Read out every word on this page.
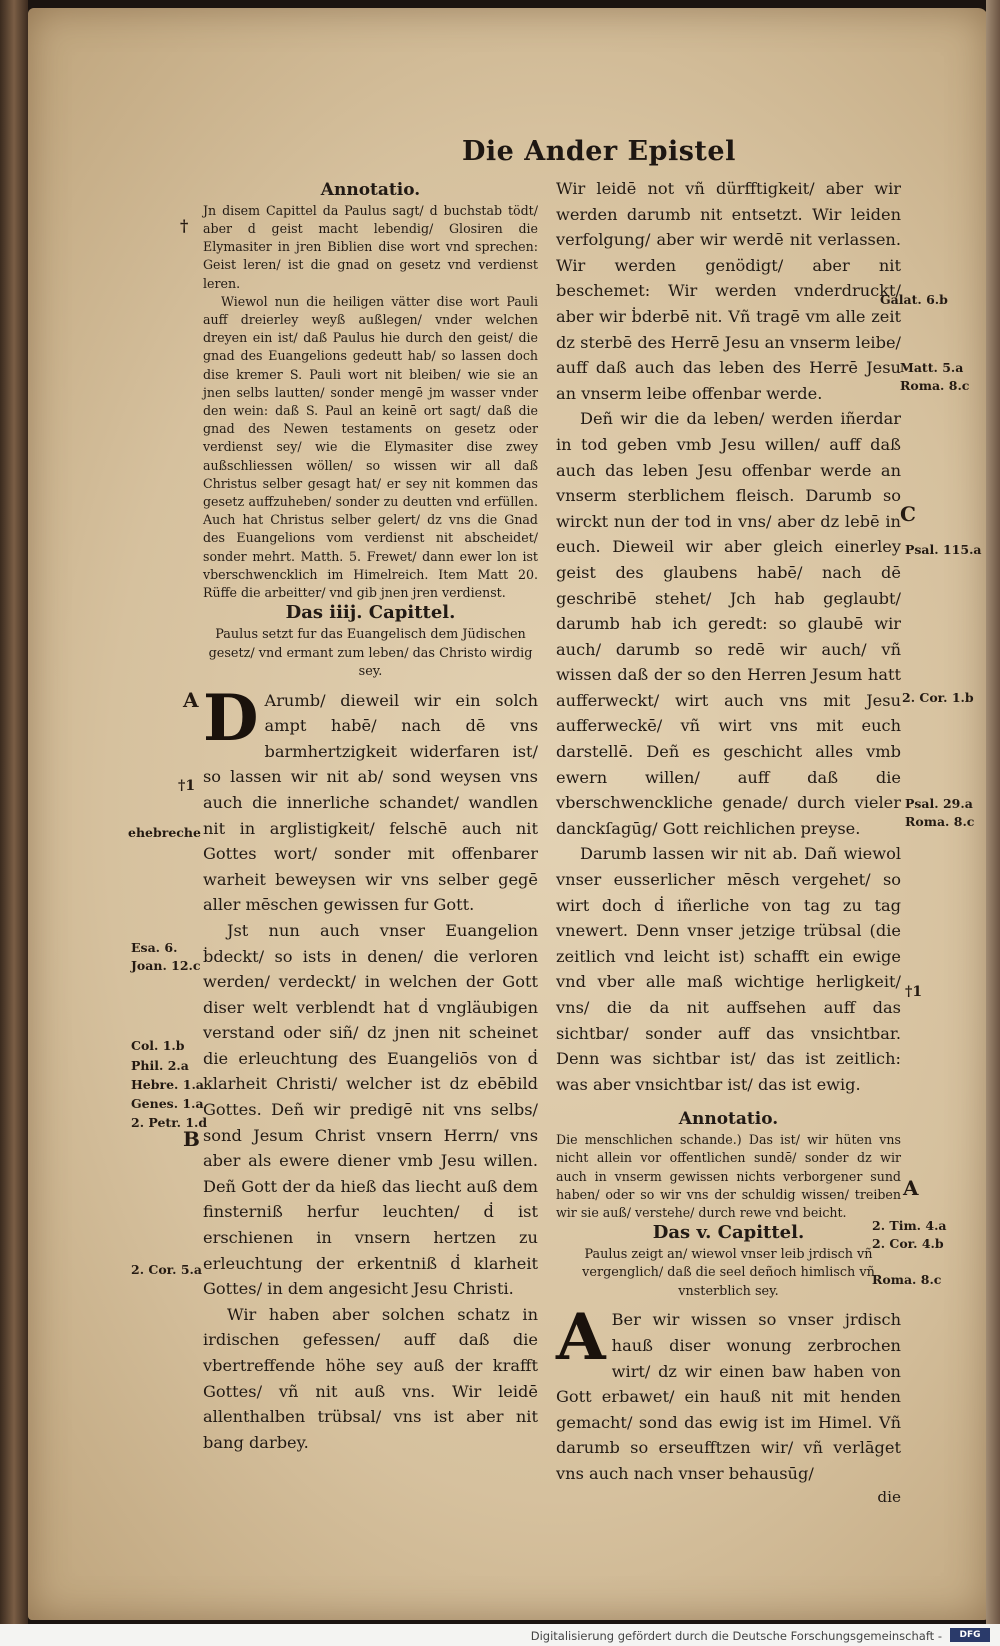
Die Ander Epistel

Annotatio.

Jn disem Capittel da Paulus sagt/ d buchstab tödt/ aber d geist macht lebendig/ Glosiren die Elymasiter in jren Biblien dise wort vnd sprechen: Geist leren/ ist die gnad on gesetz vnd verdienst leren.

Wiewol nun die heiligen vätter dise wort Pauli auff dreierley weyß außlegen/ vnder welchen dreyen ein ist/ daß Paulus hie durch den geist/ die gnad des Euangelions gedeutt hab/ so lassen doch dise kremer S. Pauli wort nit bleiben/ wie sie an jnen selbs lautten/ sonder mengē jm wasser vnder den wein: daß S. Paul an keinē ort sagt/ daß die gnad des Newen testaments on gesetz oder verdienst sey/ wie die Elymasiter dise zwey außschliessen wöllen/ so wissen wir all daß Christus selber gesagt hat/ er sey nit kommen das gesetz auffzuheben/ sonder zu deutten vnd erfüllen. Auch hat Christus selber gelert/ dz vns die Gnad des Euangelions vom verdienst nit abscheidet/ sonder mehrt. Matth. 5. Frewet/ dann ewer lon ist vberschwencklich im Himelreich. Item Matt 20. Rüffe die arbeitter/ vnd gib jnen jren verdienst.

Das iiij. Capittel.

Paulus setzt fur das Euangelisch dem Jüdischen gesetz/ vnd ermant zum leben/ das Christo wirdig sey.

D Arumb/ dieweil wir ein solch ampt habē/ nach dē vns barmhertzigkeit widerfaren ist/ so lassen wir nit ab/ sond weysen vns auch die innerliche schandet/ wandlen nit in arglistigkeit/ felschē auch nit Gottes wort/ sonder mit offenbarer warheit beweysen wir vns selber gegē aller mēschen gewissen fur Gott.

Jst nun auch vnser Euangelion ḃdeckt/ so ists in denen/ die verloren werden/ verdeckt/ in welchen der Gott diser welt verblendt hat ḋ vngläubigen verstand oder siñ/ dz jnen nit scheinet die erleuchtung des Euangeliōs von ḋ klarheit Christi/ welcher ist dz ebēbild Gottes. Deñ wir predigē nit vns selbs/ sond Jesum Christ vnsern Herrn/ vns aber als ewere diener vmb Jesu willen. Deñ Gott der da hieß das liecht auß dem finsterniß herfur leuchten/ ḋ ist erschienen in vnsern hertzen zu erleuchtung der erkentniß ḋ klarheit Gottes/ in dem angesicht Jesu Christi.

Wir haben aber solchen schatz in irdischen gefessen/ auff daß die vbertreffende höhe sey auß der krafft Gottes/ vñ nit auß vns. Wir leidē allenthalben trübsal/ vns ist aber nit bang darbey.

Wir leidē not vñ dürfftigkeit/ aber wir werden darumb nit entsetzt. Wir leiden verfolgung/ aber wir werdē nit verlassen. Wir werden genödigt/ aber nit beschemet: Wir werden vnderdruckt/ aber wir ḃderbē nit. Vñ tragē vm alle zeit dz sterbē des Herrē Jesu an vnserm leibe/ auff daß auch das leben des Herrē Jesu an vnserm leibe offenbar werde.

Deñ wir die da leben/ werden iñerdar in tod geben vmb Jesu willen/ auff daß auch das leben Jesu offenbar werde an vnserm sterblichem fleisch. Darumb so wirckt nun der tod in vns/ aber dz lebē in euch. Dieweil wir aber gleich einerley geist des glaubens habē/ nach dē geschribē stehet/ Jch hab geglaubt/ darumb hab ich geredt: so glaubē wir auch/ darumb so redē wir auch/ vñ wissen daß der so den Herren Jesum hatt aufferweckt/ wirt auch vns mit Jesu aufferweckē/ vñ wirt vns mit euch darstellē. Deñ es geschicht alles vmb ewern willen/ auff daß die vberschwenckliche genade/ durch vieler danckſagūg/ Gott reichlichen preyse.

Darumb lassen wir nit ab. Dañ wiewol vnser eusserlicher mēsch vergehet/ so wirt doch ḋ iñerliche von tag zu tag vnewert. Denn vnser jetzige trübsal (die zeitlich vnd leicht ist) schafft ein ewige vnd vber alle maß wichtige herligkeit/ vns/ die da nit auffsehen auff das sichtbar/ sonder auff das vnsichtbar. Denn was sichtbar ist/ das ist zeitlich: was aber vnsichtbar ist/ das ist ewig.

Annotatio.

Die menschlichen schande.) Das ist/ wir hüten vns nicht allein vor offentlichen sundē/ sonder dz wir auch in vnserm gewissen nichts verborgener sund haben/ oder so wir vns der schuldig wissen/ treiben wir sie auß/ verstehe/ durch rewe vnd beicht.

Das v. Capittel.

Paulus zeigt an/ wiewol vnser leib jrdisch vñ vergenglich/ daß die seel deñoch himlisch vñ vnsterblich sey.

A Ber wir wissen so vnser jrdisch hauß diser wonung zerbrochen wirt/ dz wir einen baw haben von Gott erbawet/ ein hauß nit mit henden gemacht/ sond das ewig ist im Himel. Vñ darumb so erseufftzen wir/ vñ verlāget vns auch nach vnser behausūg/

die

†
A
†1
ehebreche
Esa. 6.
Joan. 12.c
Col. 1.b
Phil. 2.a
Hebre. 1.a
Genes. 1.a
2. Petr. 1.d
B
2. Cor. 5.a
Galat. 6.b
Matt. 5.a
Roma. 8.c
C
Psal. 115.a
2. Cor. 1.b
Psal. 29.a
Roma. 8.c
†1
A
2. Tim. 4.a
2. Cor. 4.b
Roma. 8.c
Digitalisierung gefördert durch die Deutsche Forschungsgemeinschaft -	DFG
